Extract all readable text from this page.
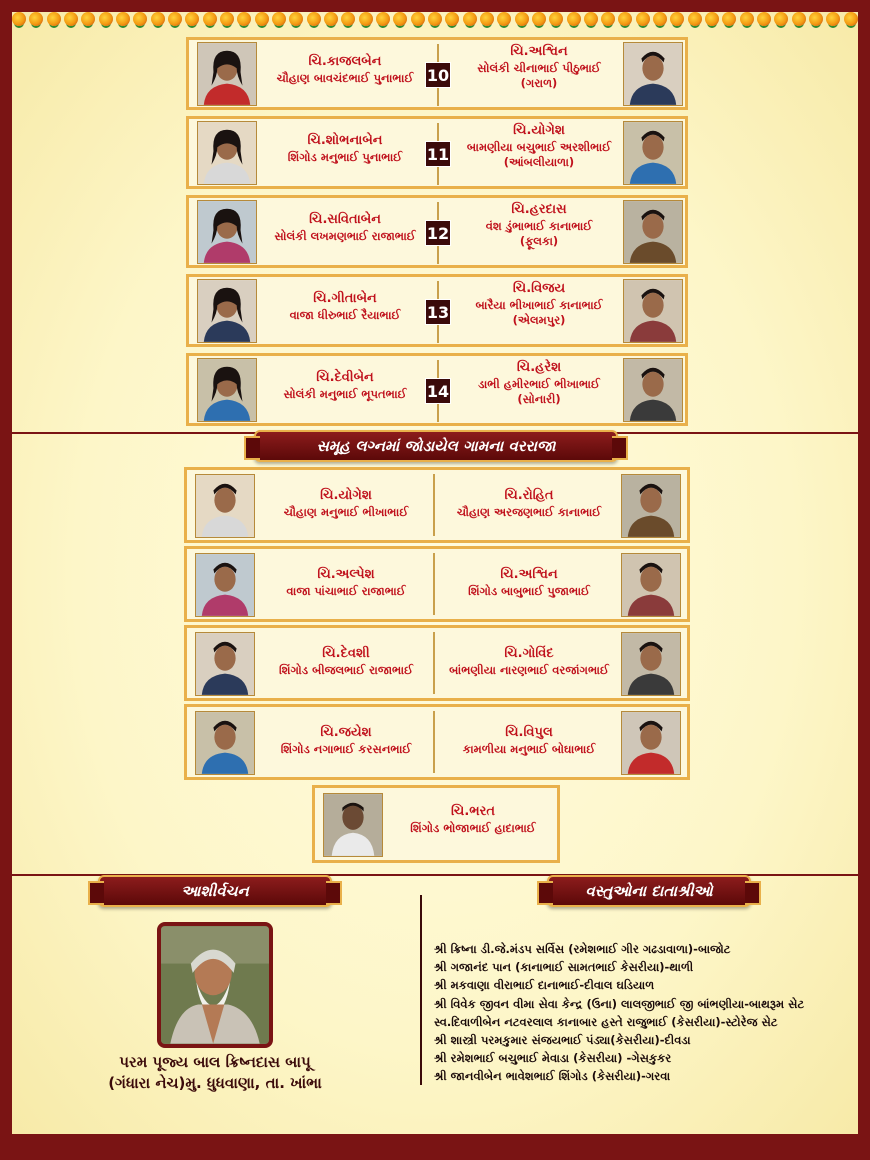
ચિ.કાજલબેન
ચૌહાણ બાવચંદભાઈ પુનાભાઈ 10
ચિ.અશ્વિન
સોલંકી ચીનાભાઈ પીઠુભાઈ
(ગરાળ)
ચિ.શોભનાબેન
શિંગોડ મનુભાઈ પુનાભાઈ	11
ચિ.યોગેશ
બામણીયા બચુભાઈ અરશીભાઈ
(આંબલીયાળા)
ચિ.સવિતાબેન
સોલંકી લખમણભાઈ રાજાભાઈ 12
ચિ.હરદાસ
વંશ ડુંભાભાઈ કાનાભાઈ
(ફૂલકા)
ચિ.ગીતાબેન
વાજા ધીરુભાઈ રૈયાભાઈ	13
ચિ.વિજય
બારૈયા ભીખાભાઈ કાનાભાઈ
(એલમપુર)
ચિ.દેવીબેન
સોલંકી મનુભાઈ ભૂપતભાઈ	14
ચિ.હરેશ
ડાભી હમીરભાઈ ભીખાભાઈ
(સોનારી)
સમૂહ લગ્નમાં જોડાયેલ ગામના વરરાજા
ચિ.યોગેશ
ચૌહાણ મનુભાઈ ભીખાભાઈ
ચિ.રોહિત
ચૌહાણ અરજણભાઈ કાનાભાઈ
ચિ.અલ્પેશ
વાજા પાંચાભાઈ રાજાભાઈ
ચિ.અશ્વિન
શિંગોડ બાબુભાઈ પુજાભાઈ
ચિ.દેવશી
શિંગોડ બીજલભાઈ રાજાભાઈ
ચિ.ગોવિંદ
બાંભણીયા નારણભાઈ વરજાંગભાઈ
ચિ.જયેશ
શિંગોડ નગાભાઈ કરસનભાઈ
ચિ.વિપુલ
કામળીયા મનુભાઈ બોઘાભાઈ
ચિ.ભરત
શિંગોડ ભોજાભાઈ હાદાભાઈ
આશીર્વચન
પરમ પૂજ્ય બાલ ક્રિષ્નદાસ બાપૂ
(ગંધારા નેચ)મુ. ધુધવાણા, તા. ખાંભા
વસ્તુઓના દાતાશ્રીઓ
શ્રી ક્રિષ્ના ડી.જે.મંડપ સર્વિસ (રમેશભાઈ ગીર ગઢડાવાળા)-બાજોટ
શ્રી ગજાનંદ પાન (કાનાભાઈ સામતભાઈ કેસરીયા)-થાળી
શ્રી મકવાણા વીરાભાઈ દાનાભાઈ-દીવાલ ઘડિયાળ
શ્રી વિવેક જીવન વીમા સેવા કેન્દ્ર (ઉના) લાલજીભાઈ જી બાંભણીયા-બાથરૂમ સેટ
સ્વ.દિવાળીબેન નટવરલાલ કાનાબાર હસ્તે રાજુભાઈ (કેસરીયા)-સ્ટોરેજ સેટ
શ્રી શાસ્ત્રી પરમકુમાર સંજયભાઈ પંડ્યા(કેસરીયા)-દીવડા
શ્રી રમેશભાઈ બચુભાઈ મેવાડા (કેસરીયા) -ગેસકુકર
શ્રી જાનવીબેન ભાવેશભાઈ શિંગોડ (કેસરીયા)-ગરવા
